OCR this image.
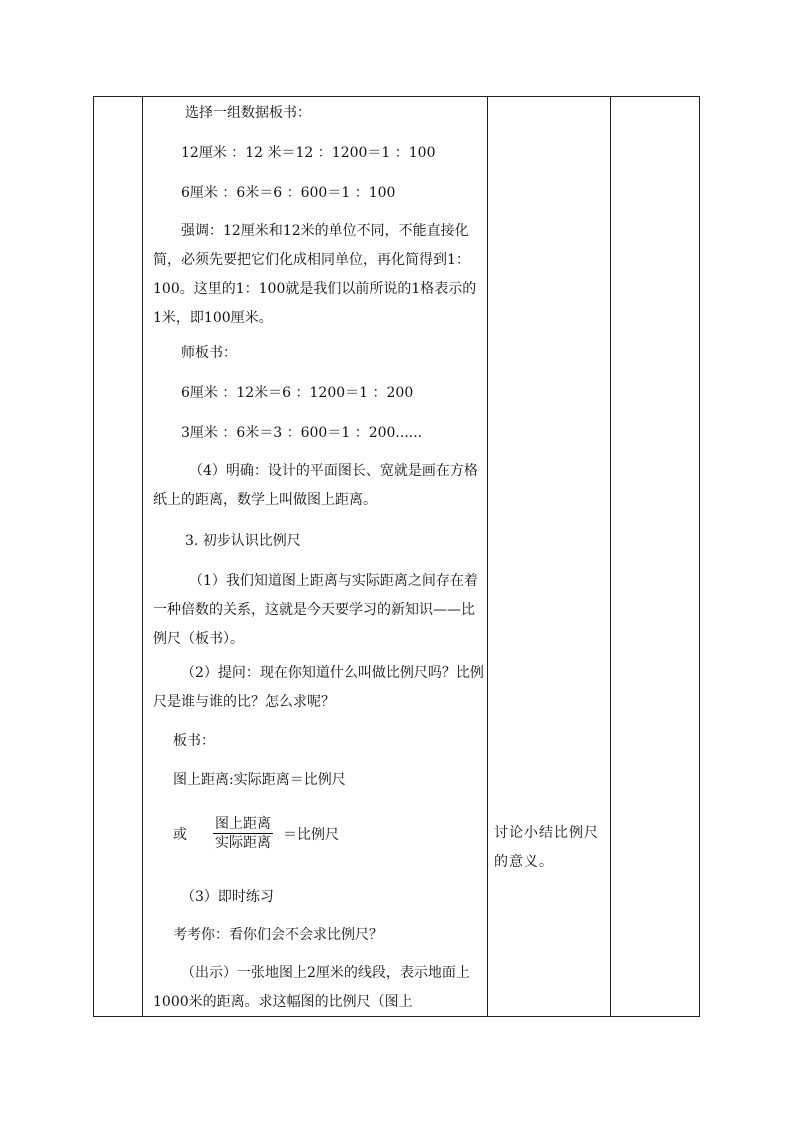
选择一组数据板书：

12厘米 ：12 米＝12 ：1200＝1 ：100

6厘米 ：6米＝6 ：600＝1 ：100

强调：12厘米和12米的单位不同，不能直接化简，必须先要把它们化成相同单位，再化简得到1：100。这里的1：100就是我们以前所说的1格表示的1米，即100厘米。

师板书：

6厘米 ：12米＝6 ：1200＝1 ：200

3厘米 ：6米＝3 ：600＝1 ：200......

（4）明确：设计的平面图长、宽就是画在方格纸上的距离，数学上叫做图上距离。

3. 初步认识比例尺

（1）我们知道图上距离与实际距离之间存在着一种倍数的关系，这就是今天要学习的新知识——比例尺（板书）。

（2）提问：现在你知道什么叫做比例尺吗？比例尺是谁与谁的比？怎么求呢？

板书：

图上距离:实际距离＝比例尺

或

图上距离
实际距离 ＝比例尺

（3）即时练习

考考你：看你们会不会求比例尺？

（出示）一张地图上2厘米的线段，表示地面上1000米的距离。求这幅图的比例尺（图上

讨论小结比例尺的意义。
